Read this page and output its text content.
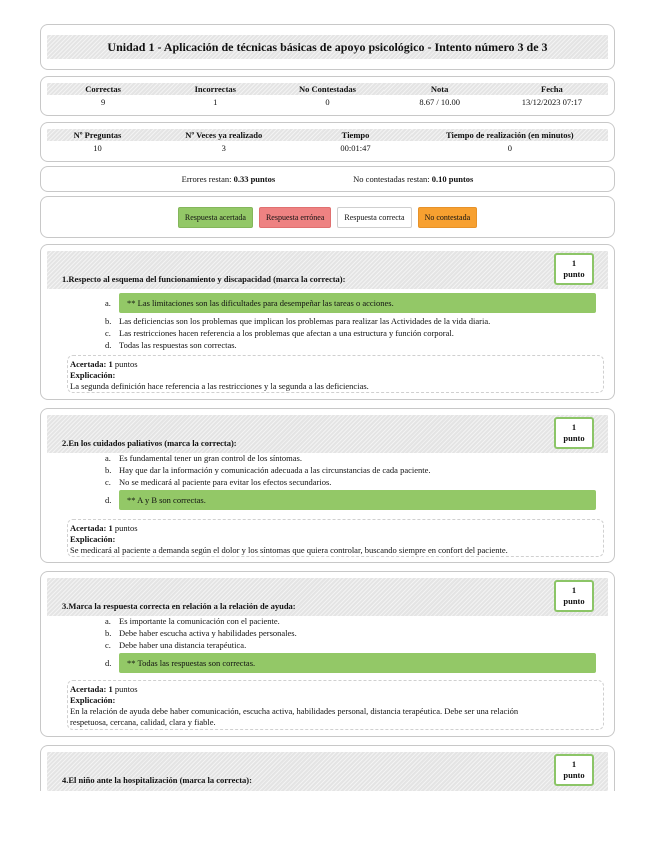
Unidad 1 - Aplicación de técnicas básicas de apoyo psicológico - Intento número 3 de 3
Correctas	Incorrectas	No Contestadas	Nota	Fecha
9	1	0	8.67 / 10.00	13/12/2023 07:17
Nº Preguntas	Nº Veces ya realizado	Tiempo	Tiempo de realización (en minutos)
10	3	00:01:47	0
Errores restan: 0.33 puntos	No contestadas restan: 0.10 puntos
Respuesta acertada	Respuesta errónea	Respuesta correcta	No contestada
1.Respecto al esquema del funcionamiento y discapacidad (marca la correcta):
1
punto
a.	** Las limitaciones son las dificultades para desempeñar las tareas o acciones.
b. Las deficiencias son los problemas que implican los problemas para realizar las Actividades de la vida diaria.
c. Las restricciones hacen referencia a los problemas que afectan a una estructura y función corporal.
d. Todas las respuestas son correctas.
Acertada: 1 puntos
Explicación:
La segunda definición hace referencia a las restricciones y la segunda a las deficiencias.
2.En los cuidados paliativos (marca la correcta):
1
punto
a. Es fundamental tener un gran control de los síntomas.
b. Hay que dar la información y comunicación adecuada a las circunstancias de cada paciente.
c. No se medicará al paciente para evitar los efectos secundarios.
d.	** A y B son correctas.
Acertada: 1 puntos
Explicación:
Se medicará al paciente a demanda según el dolor y los síntomas que quiera controlar, buscando siempre en confort del paciente.
3.Marca la respuesta correcta en relación a la relación de ayuda:
1
punto
a. Es importante la comunicación con el paciente.
b. Debe haber escucha activa y habilidades personales.
c. Debe haber una distancia terapéutica.
d.	** Todas las respuestas son correctas.
Acertada: 1 puntos
Explicación:
En la relación de ayuda debe haber comunicación, escucha activa, habilidades personal, distancia terapéutica. Debe ser una relación
respetuosa, cercana, calidad, clara y fiable.
4.El niño ante la hospitalización (marca la correcta):
1
punto
